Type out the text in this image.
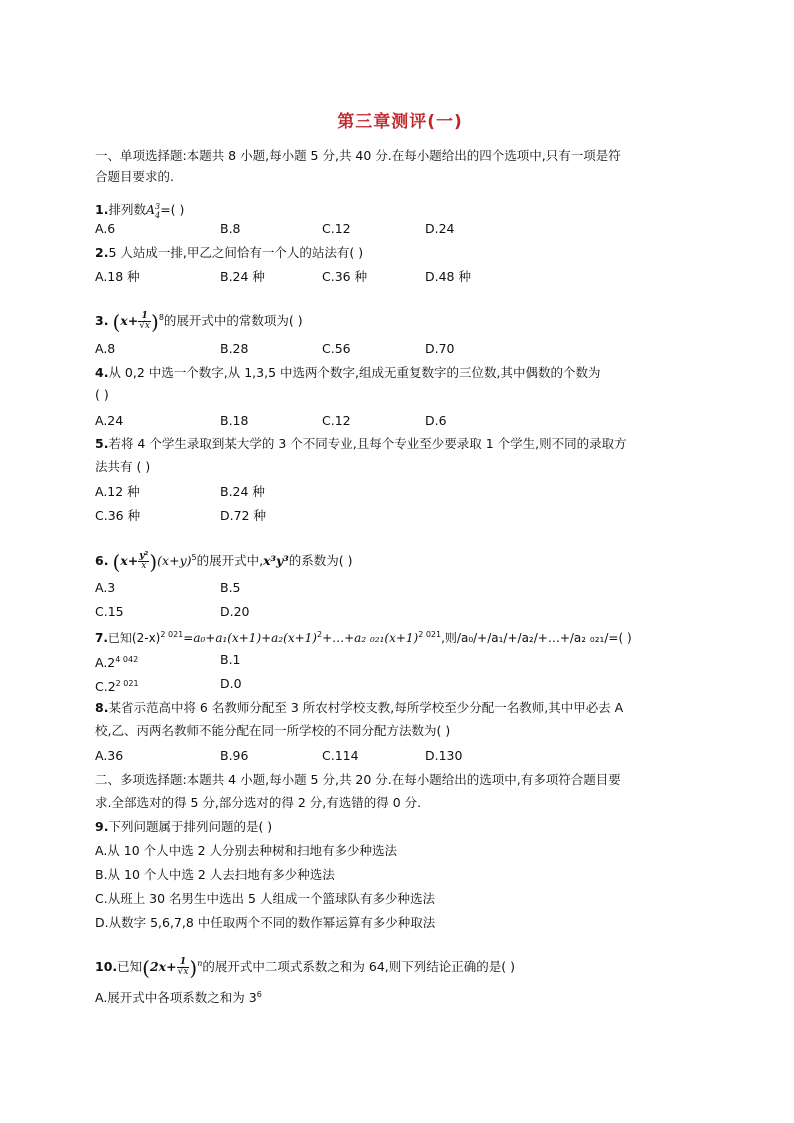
第三章测评(一)
一、单项选择题:本题共 8 小题,每小题 5 分,共 40 分.在每小题给出的四个选项中,只有一项是符
合题目要求的.
1.排列数$A^3_4=$( )
A.6	B.8	C.12	D.24
2.5 人站成一排,甲乙之间恰有一个人的站法有( )
A.18 种	B.24 种	C.36 种	D.48 种
3. $(x+ \frac{1}{√x} )^8$的展开式中的常数项为( )
A.8	B.28	C.56	D.70
4.从 0,2 中选一个数字,从 1,3,5 中选两个数字,组成无重复数字的三位数,其中偶数的个数为
( )
A.24	B.18	C.12	D.6
5.若将 4 个学生录取到某大学的 3 个不同专业,且每个专业至少要录取 1 个学生,则不同的录取方
法共有 ( )
A.12 种	B.24 种
C.36 种	D.72 种
6. $(x+ \frac{\text{y²}}{x} )(x+y)^5$的展开式中,x³y³的系数为( )
A.3	B.5
C.15	D.20
7.已知$(2-x)^{2 021}=a_0+a_1(x+1)+a_2(x+1)^2+\dots+a_2$ $_{021}(x+1)^{2 021}$,则/a₀/+/a₁/+/a₂/+…+/a₂ ₀₂₁/=( )
$A.2^{4 042}$	B.1
$C.2^{2 021}$	D.0
8.某省示范高中将 6 名教师分配至 3 所农村学校支教,每所学校至少分配一名教师,其中甲必去 A
校,乙、丙两名教师不能分配在同一所学校的不同分配方法数为( )
A.36	B.96	C.114	D.130
二、多项选择题:本题共 4 小题,每小题 5 分,共 20 分.在每小题给出的选项中,有多项符合题目要
求.全部选对的得 5 分,部分选对的得 2 分,有选错的得 0 分.
9.下列问题属于排列问题的是( )
A.从 10 个人中选 2 人分别去种树和扫地有多少种选法
B.从 10 个人中选 2 人去扫地有多少种选法
C.从班上 30 名男生中选出 5 人组成一个篮球队有多少种选法
D.从数字 5,6,7,8 中任取两个不同的数作幂运算有多少种取法
10.已知$(2x+ \frac{1}{√x} )^n$的展开式中二项式系数之和为 64,则下列结论正确的是( )
A.展开式中各项系数之和为 $3^6$
